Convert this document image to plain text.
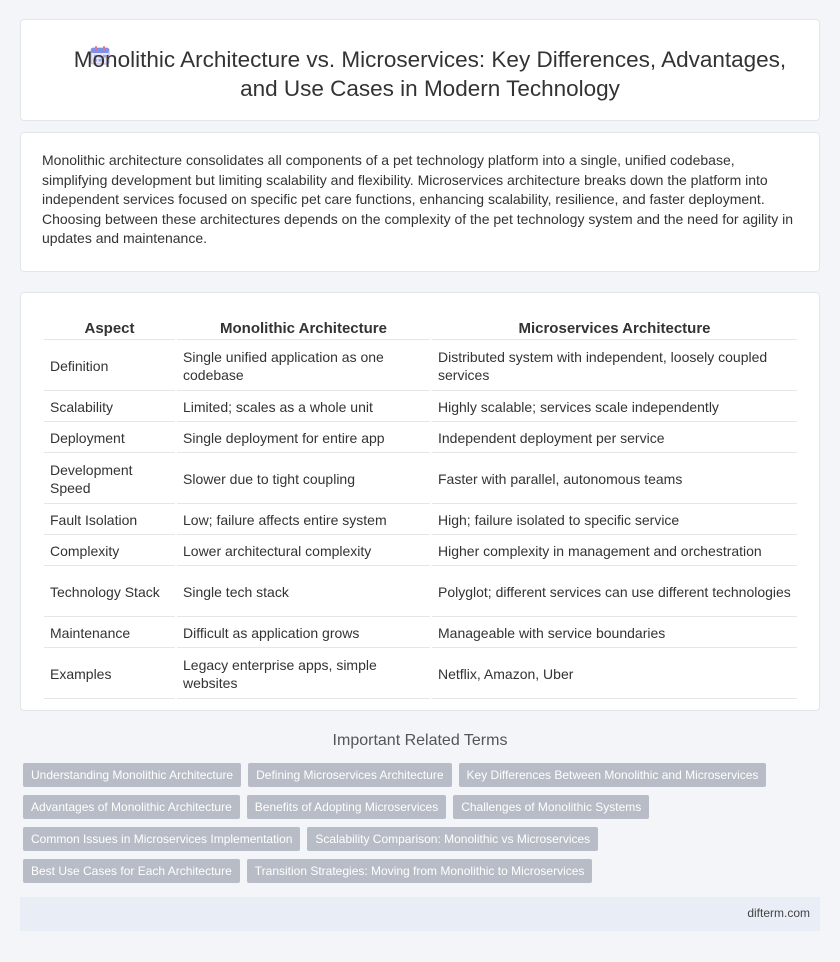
Monolithic Architecture vs. Microservices: Key Differences, Advantages, and Use Cases in Modern Technology

Monolithic architecture consolidates all components of a pet technology platform into a single, unified codebase, simplifying development but limiting scalability and flexibility. Microservices architecture breaks down the platform into independent services focused on specific pet care functions, enhancing scalability, resilience, and faster deployment. Choosing between these architectures depends on the complexity of the pet technology system and the need for agility in updates and maintenance.

Aspect	Monolithic Architecture	Microservices Architecture
Definition	Single unified application as one codebase	Distributed system with independent, loosely coupled services
Scalability	Limited; scales as a whole unit	Highly scalable; services scale independently
Deployment	Single deployment for entire app	Independent deployment per service
Development Speed	Slower due to tight coupling	Faster with parallel, autonomous teams
Fault Isolation	Low; failure affects entire system	High; failure isolated to specific service
Complexity	Lower architectural complexity	Higher complexity in management and orchestration
Technology Stack	Single tech stack	Polyglot; different services can use different technologies
Maintenance	Difficult as application grows	Manageable with service boundaries
Examples	Legacy enterprise apps, simple websites	Netflix, Amazon, Uber
Important Related Terms
Understanding Monolithic Architecture	Defining Microservices Architecture	Key Differences Between Monolithic and Microservices
Advantages of Monolithic Architecture	Benefits of Adopting Microservices	Challenges of Monolithic Systems
Common Issues in Microservices Implementation	Scalability Comparison: Monolithic vs Microservices
Best Use Cases for Each Architecture	Transition Strategies: Moving from Monolithic to Microservices
difterm.com
